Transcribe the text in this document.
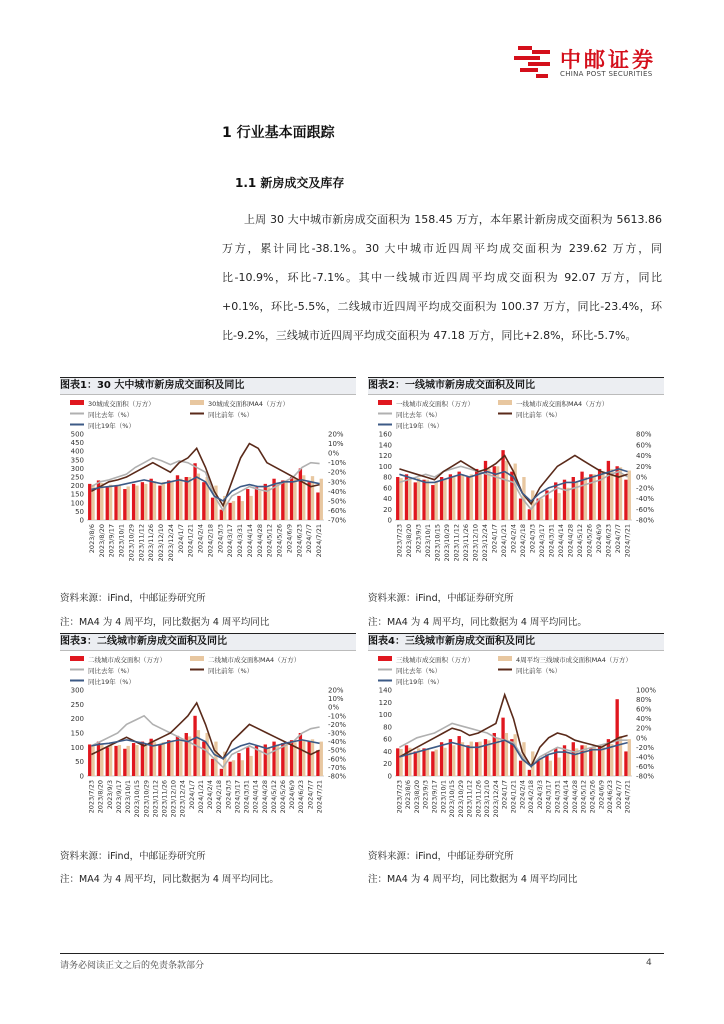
中邮证券
CHINA POST SECURITIES
1 行业基本面跟踪
1.1 新房成交及库存

上周 30 大中城市新房成交面积为 158.45 万方，本年累计新房成交面积为 5613.86 万方，累计同比-38.1%。30 大中城市近四周平均成交面积为 239.62 万方，同比-10.9%，环比-7.1%。其中一线城市近四周平均成交面积为 92.07 万方，同比+0.1%，环比-5.5%，二线城市近四周平均成交面积为 100.37 万方，同比-23.4%，环比-9.2%，三线城市近四周平均成交面积为 47.18 万方，同比+2.8%，环比-5.7%。

图表1：30 大中城市新房成交面积及同比	图表2：一线城市新房成交面积及同比
图表3：二线城市新房成交面积及同比	图表4：三线城市新房成交面积及同比
30城成交面积（万方）	30城成交面积MA4（万方）
同比去年（%）	同比前年（%）
同比19年（%）
0
50
100
150
200
250
300
350
400
450
500	20%
10%
0%
-10%
-20%
-30%
-40%
-50%
-60%
-70%
2023/8/6 2023/8/20 2023/9/17 2023/10/1 2023/10/29 2023/11/12 2023/11/26 2023/12/10 2023/12/24 2024/1/7 2024/1/21 2024/2/4 2024/2/18 2024/3/3 2024/3/17 2024/3/31 2024/4/14 2024/4/28 2024/5/12 2024/5/26 2024/6/9 2024/6/23 2024/7/7 2024/7/21
一线城市成交面积（万方）	一线城市成交面积MA4（万方）
同比去年（%）	同比前年（%）
同比19年（%）
0
20
40
60
80
100
120
140
160	80%
60%
40%
20%
0%
-20%
-40%
-60%
-80%
2023/7/23 2023/8/20 2023/9/3 2023/10/1 2023/10/15 2023/10/29 2023/11/12 2023/11/26 2023/12/10 2023/12/24 2024/1/7 2024/1/21 2024/2/4 2024/2/18 2024/3/3 2024/3/17 2024/3/31 2024/4/14 2024/4/28 2024/5/12 2024/5/26 2024/6/9 2024/6/23 2024/7/7 2024/7/21
二线城市成交面积（万方）	二线城市成交面积MA4（万方）
同比去年（%）	同比前年（%）
同比19年（%）
0
50
100
150
200
250
300	20%
10%
0%
-10%
-20%
-30%
-40%
-50%
-60%
-70%
-80%
2023/7/23 2023/8/20 2023/9/3 2023/9/17 2023/10/1 2023/10/15 2023/10/29 2023/11/12 2023/11/26 2023/12/10 2023/12/24 2024/1/7 2024/1/21 2024/2/4 2024/2/18 2024/3/3 2024/3/17 2024/3/31 2024/4/14 2024/4/28 2024/5/12 2024/5/26 2024/6/9 2024/6/23 2024/7/7 2024/7/21
三线城市成交面积（万方）	4周平均三线城市成交面积MA4（万方）
同比去年（%）	同比前年（%）
同比19年（%）
0
20
40
60
80
100
120
140	100%
80%
60%
40%
20%
0%
-20%
-40%
-60%
-80%
2023/7/23 2023/8/6 2023/8/20 2023/9/3 2023/9/17 2023/10/1 2023/10/15 2023/10/29 2023/11/12 2023/11/26 2023/12/10 2023/12/24 2024/1/7 2024/1/21 2024/2/4 2024/2/18 2024/3/3 2024/3/17 2024/3/31 2024/4/14 2024/4/28 2024/5/12 2024/5/26 2024/6/9 2024/6/23 2024/7/7 2024/7/21
资料来源：iFind，中邮证券研究所
注：MA4 为 4 周平均，同比数据为 4 周平均同比
资料来源：iFind，中邮证券研究所
注：MA4 为 4 周平均，同比数据为 4 周平均同比。
资料来源：iFind，中邮证券研究所
注：MA4 为 4 周平均，同比数据为 4 周平均同比。
资料来源：iFind，中邮证券研究所
注：MA4 为 4 周平均，同比数据为 4 周平均同比
请务必阅读正文之后的免责条款部分	4
